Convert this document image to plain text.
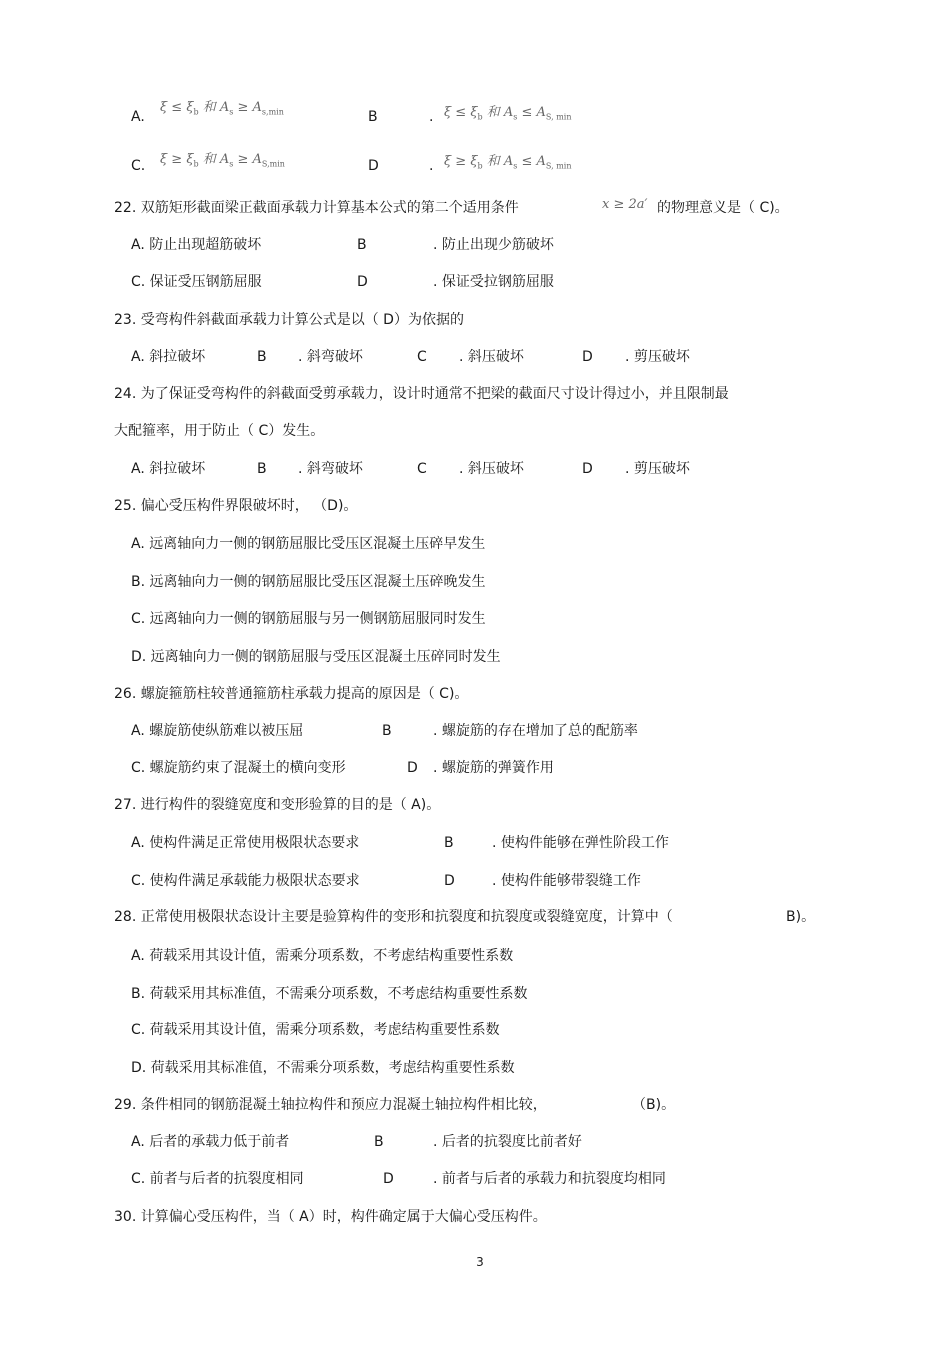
A.
$\xi \le \xi_b$ 和 $A_s \ge A_{s,min}$	B	. $\xi \le \xi_b$ 和 $A_s \le A_{S, min}$
C. $\xi \ge \xi_b$ 和 $A_s \ge A_{S,min}$	D	. $\xi \ge \xi_b$ 和 $A_s \le A_{S, min}$
22. 双筋矩形截面梁正截面承载力计算基本公式的第二个适用条件	x ≥ 2a′ 的物理意义是（ C)。
A. 防止出现超筋破坏	B	. 防止出现少筋破坏
C. 保证受压钢筋屈服	D	. 保证受拉钢筋屈服
23. 受弯构件斜截面承载力计算公式是以（ D）为依据的
A. 斜拉破坏	B . 斜弯破坏	C . 斜压破坏	D . 剪压破坏
24. 为了保证受弯构件的斜截面受剪承载力，设计时通常不把梁的截面尺寸设计得过小，并且限制最
大配箍率，用于防止（ C）发生。
A. 斜拉破坏	B . 斜弯破坏	C . 斜压破坏	D . 剪压破坏
25. 偏心受压构件界限破坏时， （D)。
A. 远离轴向力一侧的钢筋屈服比受压区混凝土压碎早发生
B. 远离轴向力一侧的钢筋屈服比受压区混凝土压碎晚发生
C. 远离轴向力一侧的钢筋屈服与另一侧钢筋屈服同时发生
D. 远离轴向力一侧的钢筋屈服与受压区混凝土压碎同时发生
26. 螺旋箍筋柱较普通箍筋柱承载力提高的原因是（ C)。
A. 螺旋筋使纵筋难以被压屈	B	. 螺旋筋的存在增加了总的配筋率
C. 螺旋筋约束了混凝土的横向变形	D . 螺旋筋的弹簧作用
27. 进行构件的裂缝宽度和变形验算的目的是（ A)。
A. 使构件满足正常使用极限状态要求	B	. 使构件能够在弹性阶段工作
C. 使构件满足承载能力极限状态要求	D	. 使构件能够带裂缝工作
28. 正常使用极限状态设计主要是验算构件的变形和抗裂度和抗裂度或裂缝宽度，计算中（	B)。
A. 荷载采用其设计值，需乘分项系数，不考虑结构重要性系数
B. 荷载采用其标准值，不需乘分项系数，不考虑结构重要性系数
C. 荷载采用其设计值，需乘分项系数，考虑结构重要性系数
D. 荷载采用其标准值，不需乘分项系数，考虑结构重要性系数
29. 条件相同的钢筋混凝土轴拉构件和预应力混凝土轴拉构件相比较，	（B)。
A. 后者的承载力低于前者	B	. 后者的抗裂度比前者好
C. 前者与后者的抗裂度相同	D	. 前者与后者的承载力和抗裂度均相同
30. 计算偏心受压构件，当（ A）时，构件确定属于大偏心受压构件。
3
